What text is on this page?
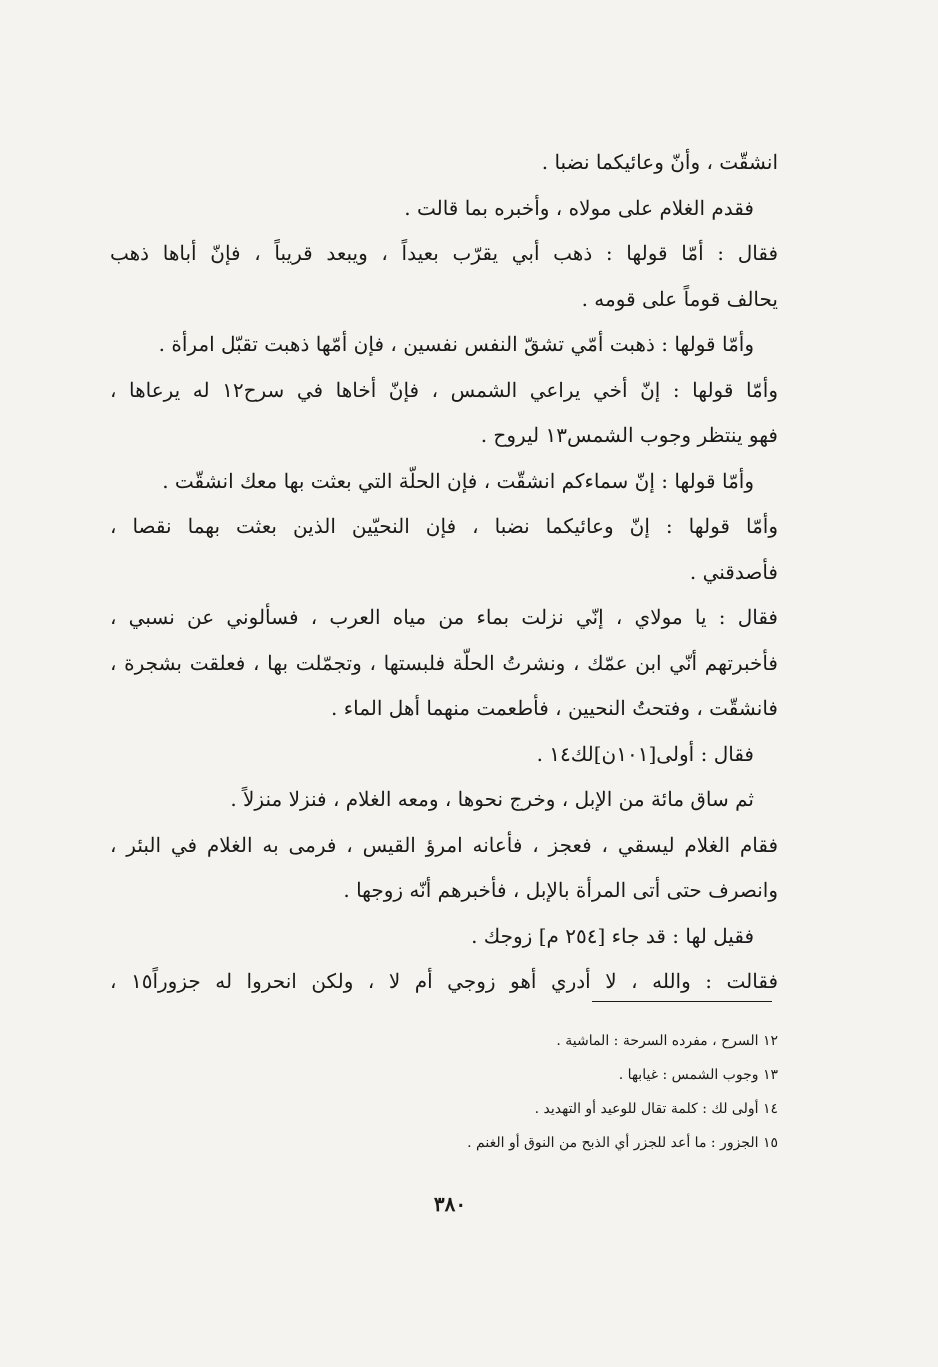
انشقّت ، وأنّ وعائيكما نضبا .
فقدم الغلام على مولاه ، وأخبره بما قالت .
فقال : أمّا قولها : ذهب أبي يقرّب بعيداً ، ويبعد قريباً ، فإنّ أباها ذهب
يحالف قوماً على قومه .
وأمّا قولها : ذهبت أمّي تشقّ النفس نفسين ، فإن أمّها ذهبت تقبّل امرأة .
وأمّا قولها : إنّ أخي يراعي الشمس ، فإنّ أخاها في سرح١٢ له يرعاها ،
فهو ينتظر وجوب الشمس١٣ ليروح .
وأمّا قولها : إنّ سماءكم انشقّت ، فإن الحلّة التي بعثت بها معك انشقّت .
وأمّا قولها : إنّ وعائيكما نضبا ، فإن النحيّين الذين بعثت بهما نقصا ،
فأصدقني .
فقال : يا مولاي ، إنّي نزلت بماء من مياه العرب ، فسألوني عن نسبي ،
فأخبرتهم أنّي ابن عمّك ، ونشرتُ الحلّة فلبستها ، وتجمّلت بها ، فعلقت بشجرة ،
فانشقّت ، وفتحتُ النحيين ، فأطعمت منهما أهل الماء .
فقال : أولى[١٠١ن]لك١٤ .
ثم ساق مائة من الإبل ، وخرج نحوها ، ومعه الغلام ، فنزلا منزلاً .
فقام الغلام ليسقي ، فعجز ، فأعانه امرؤ القيس ، فرمى به الغلام في البئر ،
وانصرف حتى أتى المرأة بالإبل ، فأخبرهم أنّه زوجها .
فقيل لها : قد جاء [٢٥٤ م] زوجك .
فقالت : والله ، لا أدري أهو زوجي أم لا ، ولكن انحروا له جزوراً١٥ ،
١٢ السرح ، مفرده السرحة : الماشية .
١٣ وجوب الشمس : غيابها .
١٤ أولى لك : كلمة تقال للوعيد أو التهديد .
١٥ الجزور : ما أعد للجزر أي الذبح من النوق أو الغنم .
٣٨٠
